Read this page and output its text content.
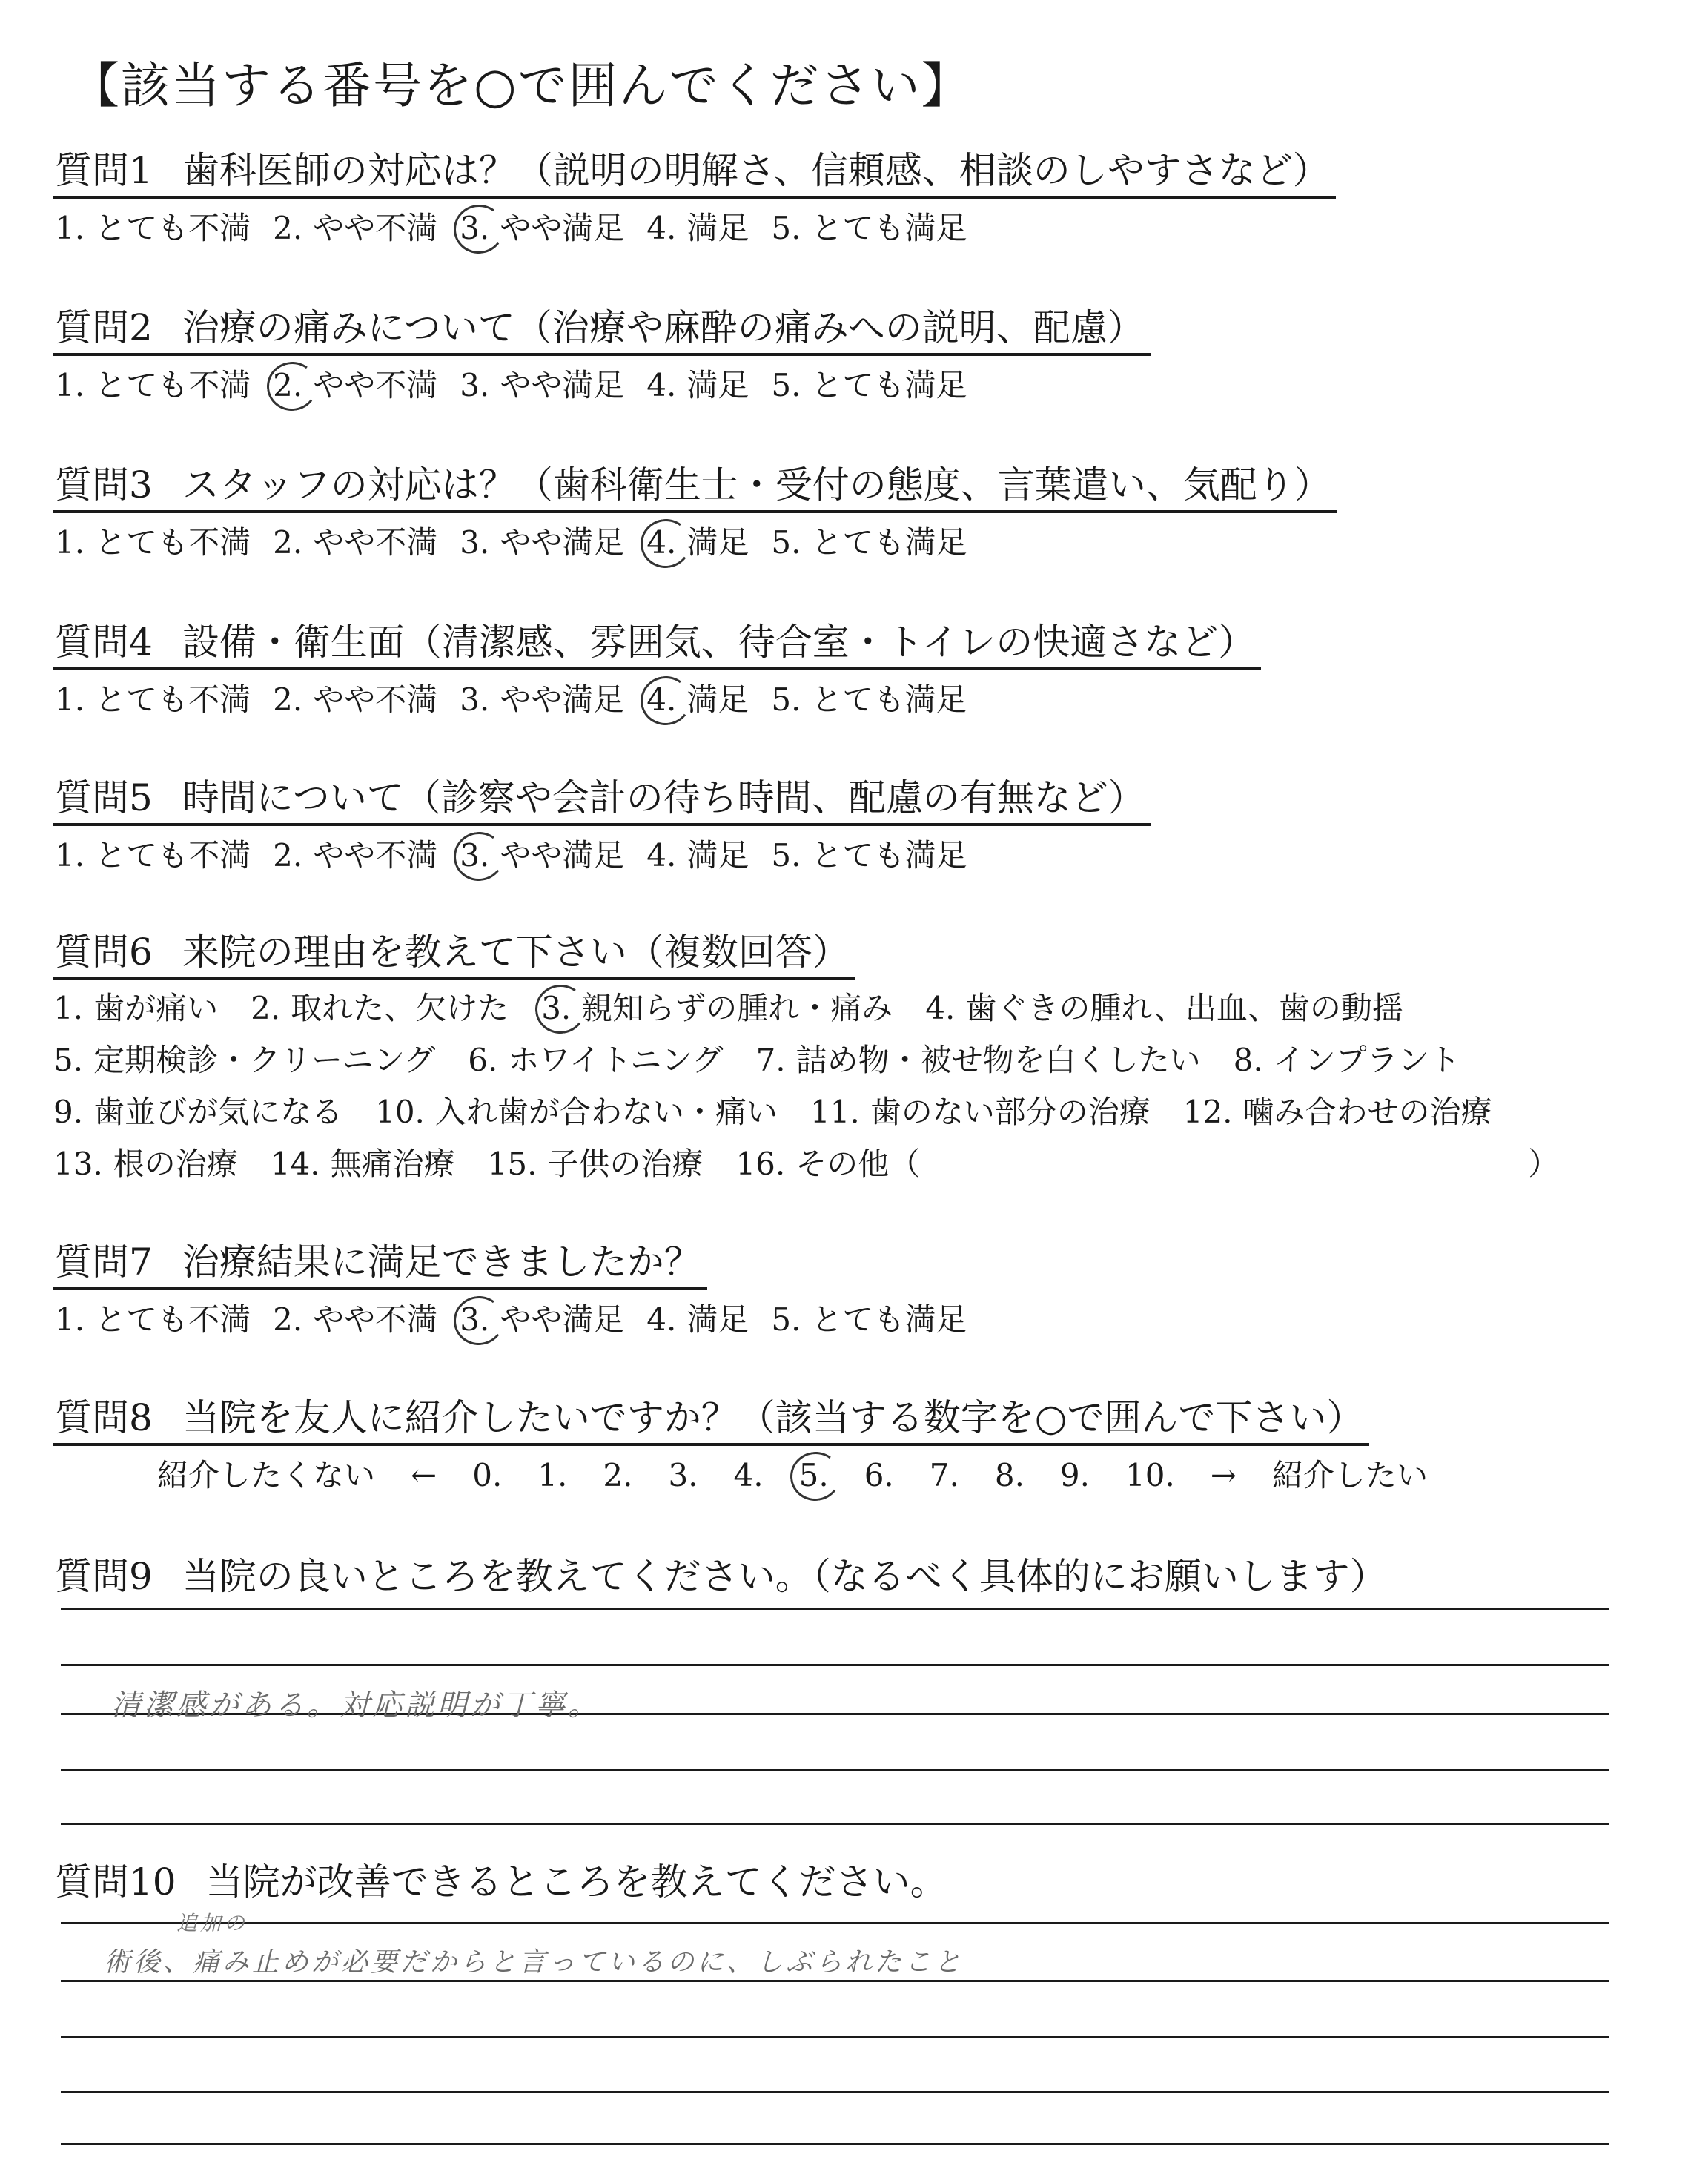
【該当する番号を○で囲んでください】
質問1 歯科医師の対応は？（説明の明解さ、信頼感、相談のしやすさなど）
1. とても不満 2. やや不満 3. やや満足 4. 満足 5. とても満足
質問2 治療の痛みについて（治療や麻酔の痛みへの説明、配慮）
1. とても不満 2. やや不満 3. やや満足 4. 満足 5. とても満足
質問3 スタッフの対応は？（歯科衛生士・受付の態度、言葉遣い、気配り）
1. とても不満 2. やや不満 3. やや満足 4. 満足 5. とても満足
質問4 設備・衛生面（清潔感、雰囲気、待合室・トイレの快適さなど）
1. とても不満 2. やや不満 3. やや満足 4. 満足 5. とても満足
質問5 時間について（診察や会計の待ち時間、配慮の有無など）
1. とても不満 2. やや不満 3. やや満足 4. 満足 5. とても満足
質問6 来院の理由を教えて下さい（複数回答）
1. 歯が痛い 2. 取れた、欠けた 3. 親知らずの腫れ・痛み 4. 歯ぐきの腫れ、出血、歯の動揺
5. 定期検診・クリーニング 6. ホワイトニング 7. 詰め物・被せ物を白くしたい 8. インプラント
9. 歯並びが気になる 10. 入れ歯が合わない・痛い 11. 歯のない部分の治療 12. 噛み合わせの治療
13. 根の治療 14. 無痛治療 15. 子供の治療 16. その他（	）
質問7 治療結果に満足できましたか？
1. とても不満 2. やや不満 3. やや満足 4. 満足 5. とても満足
質問8 当院を友人に紹介したいですか？（該当する数字を○で囲んで下さい）
紹介したくない ← 0. 1. 2. 3. 4. 5. 6. 7. 8. 9. 10. → 紹介したい
質問9 当院の良いところを教えてください。（なるべく具体的にお願いします）
清潔感がある。対応説明が丁寧。
質問10 当院が改善できるところを教えてください。
追加の
術後、痛み止めが必要だからと言っているのに、しぶられたこと
